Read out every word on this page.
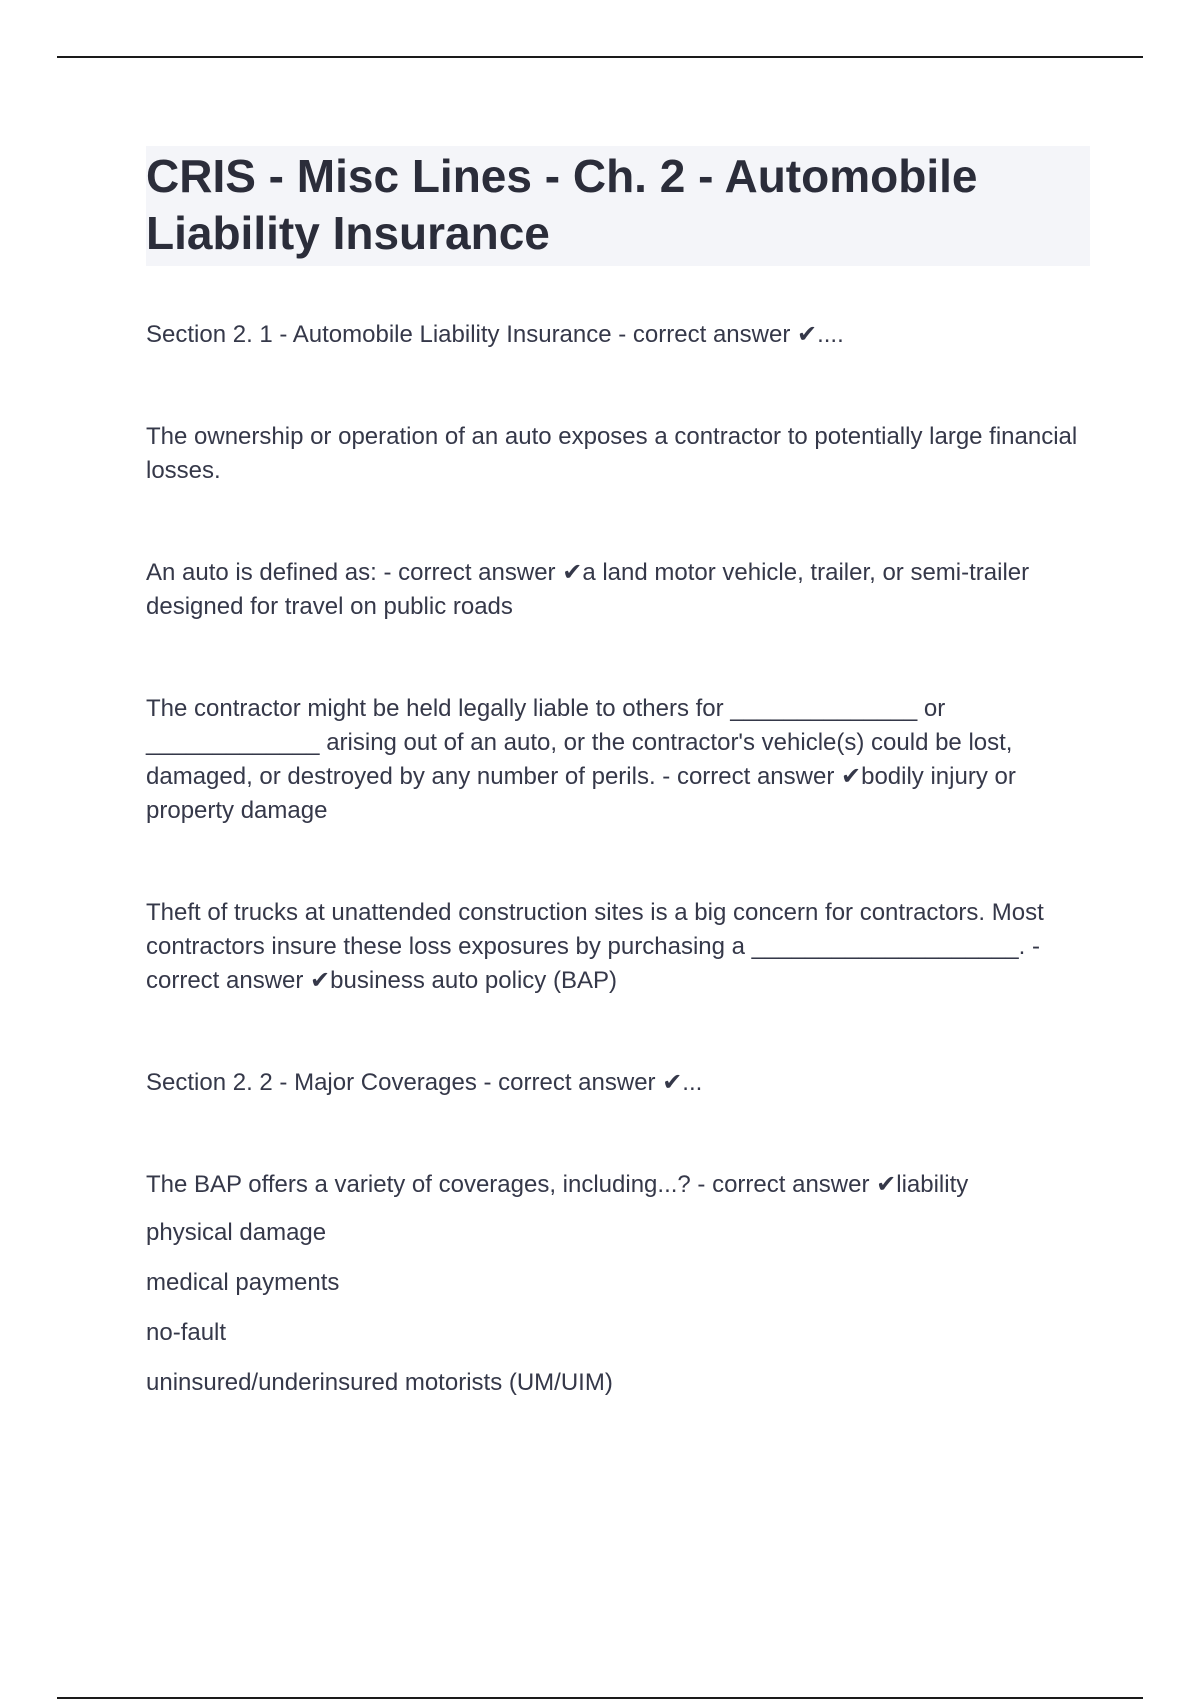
CRIS - Misc Lines - Ch. 2 - Automobile Liability Insurance

Section 2. 1 - Automobile Liability Insurance - correct answer ✔....

The ownership or operation of an auto exposes a contractor to potentially large financial losses.

An auto is defined as: - correct answer ✔a land motor vehicle, trailer, or semi-trailer designed for travel on public roads

The contractor might be held legally liable to others for ______________ or _____________ arising out of an auto, or the contractor's vehicle(s) could be lost, damaged, or destroyed by any number of perils. - correct answer ✔bodily injury or property damage

Theft of trucks at unattended construction sites is a big concern for contractors. Most contractors insure these loss exposures by purchasing a ____________________. - correct answer ✔business auto policy (BAP)

Section 2. 2 - Major Coverages - correct answer ✔...

The BAP offers a variety of coverages, including...? - correct answer ✔liability

physical damage

medical payments

no-fault

uninsured/underinsured motorists (UM/UIM)
